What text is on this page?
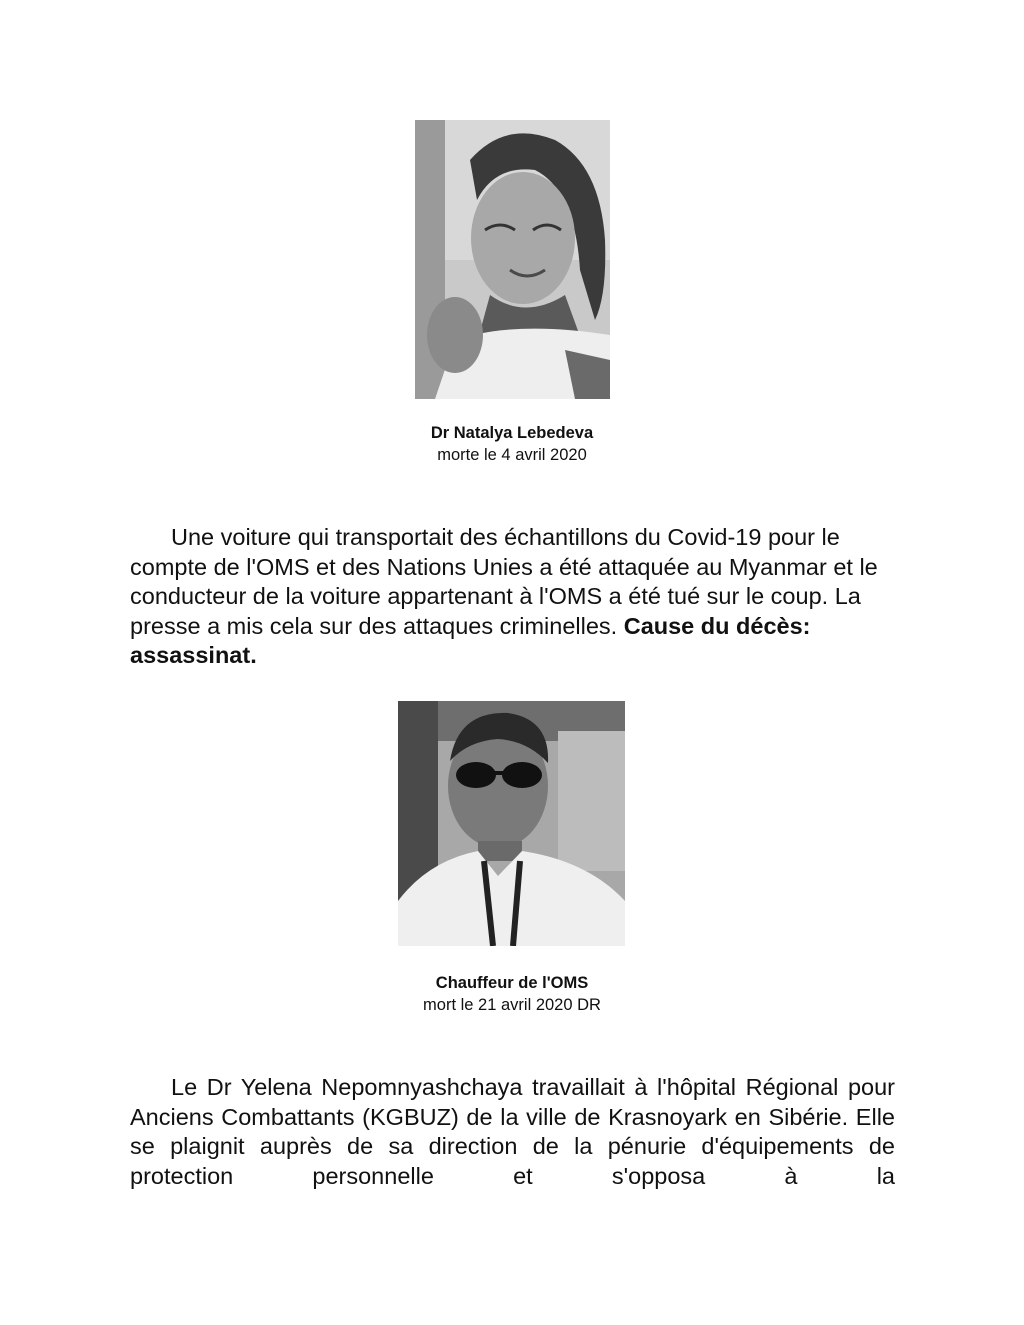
Dr Natalya Lebedeva
morte le 4 avril 2020

Une voiture qui transportait des échantillons du Covid-19 pour le compte de l'OMS et des Nations Unies a été attaquée au Myanmar et le conducteur de la voiture appartenant à l'OMS a été tué sur le coup. La presse a mis cela sur des attaques criminelles. Cause du décès: assassinat.

Chauffeur de l'OMS
mort le 21 avril 2020 DR

Le Dr Yelena Nepomnyashchaya travaillait à l'hôpital Régional pour Anciens Combattants (KGBUZ) de la ville de Krasnoyark en Sibérie. Elle se plaignit auprès de sa direction de la pénurie d'équipements de protection personnelle et s'opposa à la
